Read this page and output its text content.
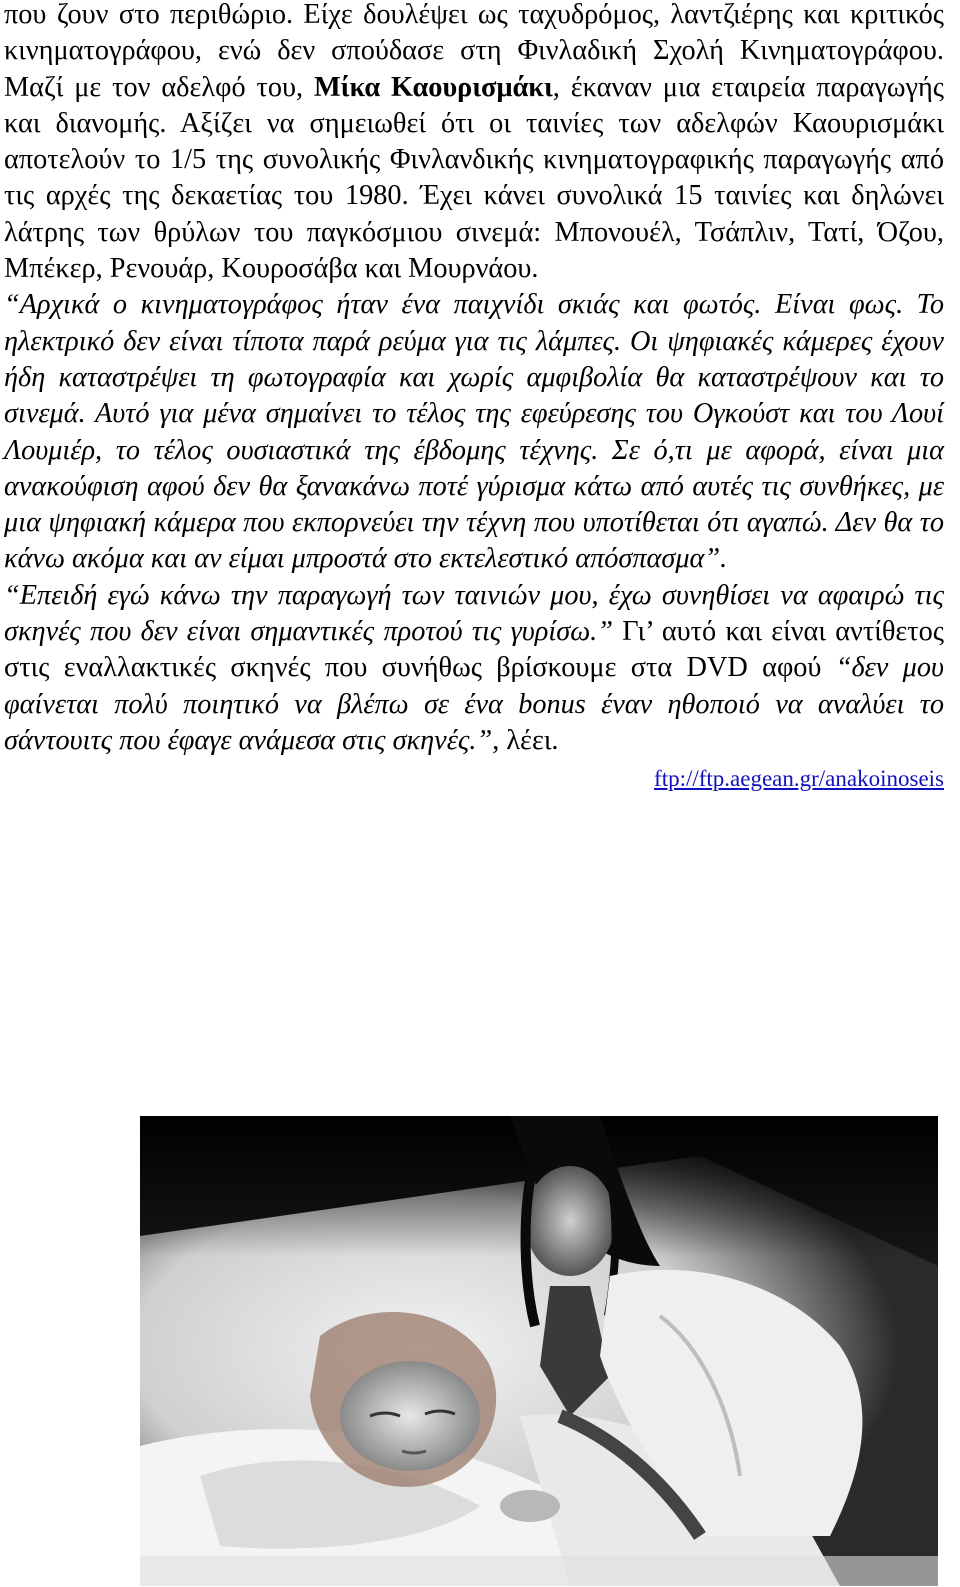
που ζουν στο περιθώριο. Είχε δουλέψει ως ταχυδρόμος, λαντζιέρης και κριτικός κινηματογράφου, ενώ δεν σπούδασε στη Φινλαδική Σχολή Κινηματογράφου. Μαζί με τον αδελφό του, Μίκα Καουρισμάκι, έκαναν μια εταιρεία παραγωγής και διανομής. Αξίζει να σημειωθεί ότι οι ταινίες των αδελφών Καουρισμάκι αποτελούν το 1/5 της συνολικής Φινλανδικής κινηματογραφικής παραγωγής από τις αρχές της δεκαετίας του 1980. Έχει κάνει συνολικά 15 ταινίες και δηλώνει λάτρης των θρύλων του παγκόσμιου σινεμά: Μπονουέλ, Τσάπλιν, Τατί, Όζου, Μπέκερ, Ρενουάρ, Κουροσάβα και Μουρνάου.

“Αρχικά ο κινηματογράφος ήταν ένα παιχνίδι σκιάς και φωτός. Είναι φως. Το ηλεκτρικό δεν είναι τίποτα παρά ρεύμα για τις λάμπες. Οι ψηφιακές κάμερες έχουν ήδη καταστρέψει τη φωτογραφία και χωρίς αμφιβολία θα καταστρέψουν και το σινεμά. Αυτό για μένα σημαίνει το τέλος της εφεύρεσης του Ογκούστ και του Λουί Λουμιέρ, το τέλος ουσιαστικά της έβδομης τέχνης. Σε ό,τι με αφορά, είναι μια ανακούφιση αφού δεν θα ξανακάνω ποτέ γύρισμα κάτω από αυτές τις συνθήκες, με μια ψηφιακή κάμερα που εκπορνεύει την τέχνη που υποτίθεται ότι αγαπώ. Δεν θα το κάνω ακόμα και αν είμαι μπροστά στο εκτελεστικό απόσπασμα”.

“Επειδή εγώ κάνω την παραγωγή των ταινιών μου, έχω συνηθίσει να αφαιρώ τις σκηνές που δεν είναι σημαντικές προτού τις γυρίσω.” Γι’ αυτό και είναι αντίθετος στις εναλλακτικές σκηνές που συνήθως βρίσκουμε στα DVD αφού “δεν μου φαίνεται πολύ ποιητικό να βλέπω σε ένα bonus έναν ηθοποιό να αναλύει το σάντουιτς που έφαγε ανάμεσα στις σκηνές.”, λέει.

ftp://ftp.aegean.gr/anakoinoseis
